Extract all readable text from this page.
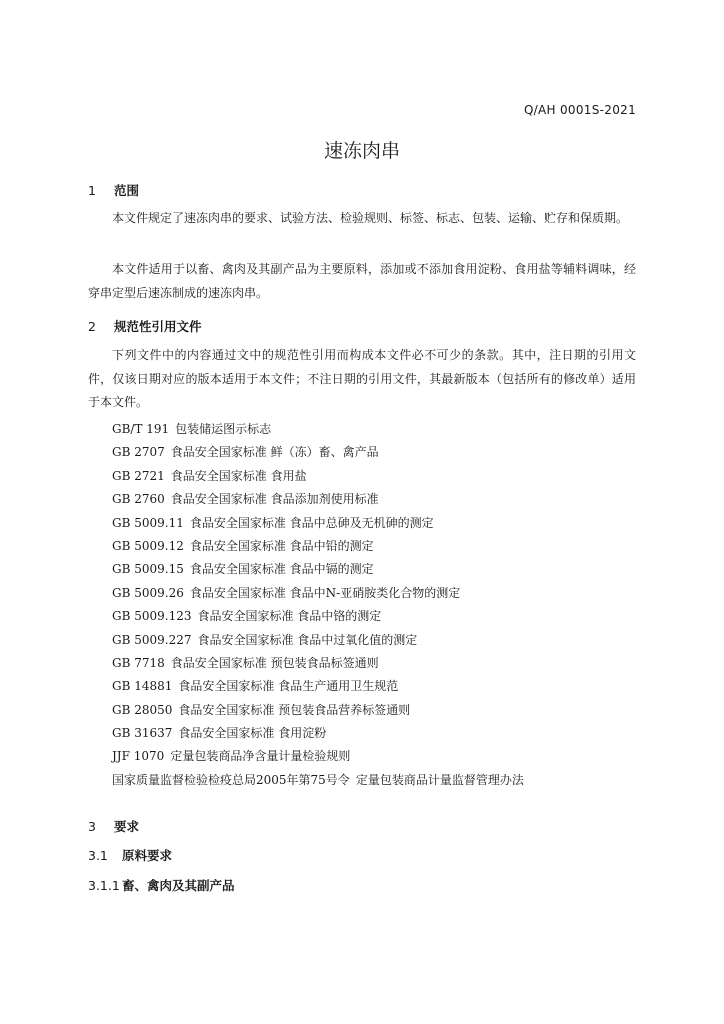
Q/AH 0001S-2021
速冻肉串
1 范围

本文件规定了速冻肉串的要求、试验方法、检验规则、标签、标志、包装、运输、贮存和保质期。

本文件适用于以畜、禽肉及其副产品为主要原料，添加或不添加食用淀粉、食用盐等辅料调味，经穿串定型后速冻制成的速冻肉串。

2 规范性引用文件

下列文件中的内容通过文中的规范性引用而构成本文件必不可少的条款。其中，注日期的引用文件，仅该日期对应的版本适用于本文件；不注日期的引用文件，其最新版本（包括所有的修改单）适用于本文件。

GB/T 191 包装储运图示标志
GB 2707 食品安全国家标准 鲜（冻）畜、禽产品
GB 2721 食品安全国家标准 食用盐
GB 2760 食品安全国家标准 食品添加剂使用标准
GB 5009.11 食品安全国家标准 食品中总砷及无机砷的测定
GB 5009.12 食品安全国家标准 食品中铅的测定
GB 5009.15 食品安全国家标准 食品中镉的测定
GB 5009.26 食品安全国家标准 食品中N-亚硝胺类化合物的测定
GB 5009.123 食品安全国家标准 食品中铬的测定
GB 5009.227 食品安全国家标准 食品中过氧化值的测定
GB 7718 食品安全国家标准 预包装食品标签通则
GB 14881 食品安全国家标准 食品生产通用卫生规范
GB 28050 食品安全国家标准 预包装食品营养标签通则
GB 31637 食品安全国家标准 食用淀粉
JJF 1070 定量包装商品净含量计量检验规则
国家质量监督检验检疫总局2005年第75号令 定量包装商品计量监督管理办法
3 要求
3.1 原料要求
3.1.1 畜、禽肉及其副产品
